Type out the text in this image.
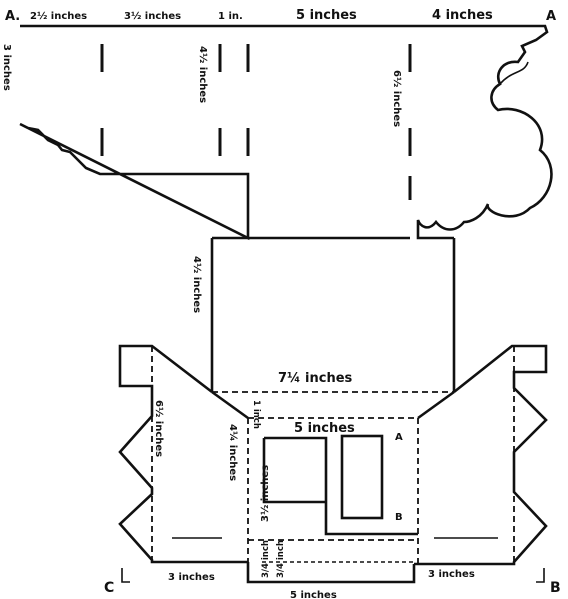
A. 2½ inches	3½ inches	1 in.	5 inches	4 inches	A
3 inches	4½ inches	6½ inches
4½ inches
7¼ inches
6½ inches	1 inch
4¼ inches	5 inches
3½ inches
A
B
3/4 inch 3/4 inch
3 inches	3 inches
5 inches
C	B
